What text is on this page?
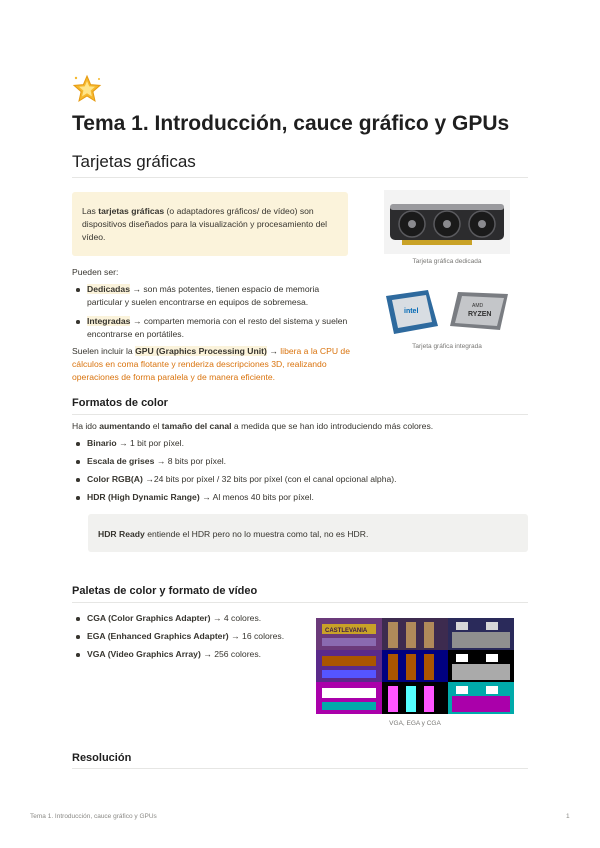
Tema 1. Introducción, cauce gráfico y GPUs
Tarjetas gráficas
Las tarjetas gráficas (o adaptadores gráficos/ de vídeo) son dispositivos diseñados para la visualización y procesamiento del vídeo.
Pueden ser:
Dedicadas → son más potentes, tienen espacio de memoria particular y suelen encontrarse en equipos de sobremesa.
Integradas → comparten memoria con el resto del sistema y suelen encontrarse en portátiles.
Suelen incluir la GPU (Graphics Processing Unit) → libera a la CPU de cálculos en coma flotante y renderiza descripciones 3D, realizando operaciones de forma paralela y de manera eficiente.
Tarjeta gráfica dedicada
intel
AMD
RYZEN
Tarjeta gráfica integrada
Formatos de color
Ha ido aumentando el tamaño del canal a medida que se han ido introduciendo más colores.
Binario → 1 bit por píxel.
Escala de grises → 8 bits por píxel.
Color RGB(A) →24 bits por píxel / 32 bits por píxel (con el canal opcional alpha).
HDR (High Dynamic Range) → Al menos 40 bits por píxel.
HDR Ready entiende el HDR pero no lo muestra como tal, no es HDR.
Paletas de color y formato de vídeo
CGA (Color Graphics Adapter) → 4 colores.
EGA (Enhanced Graphics Adapter) → 16 colores.
VGA (Video Graphics Array) → 256 colores.
CASTLEVANIA
VGA, EGA y CGA
Resolución
Tema 1. Introducción, cauce gráfico y GPUs	1
